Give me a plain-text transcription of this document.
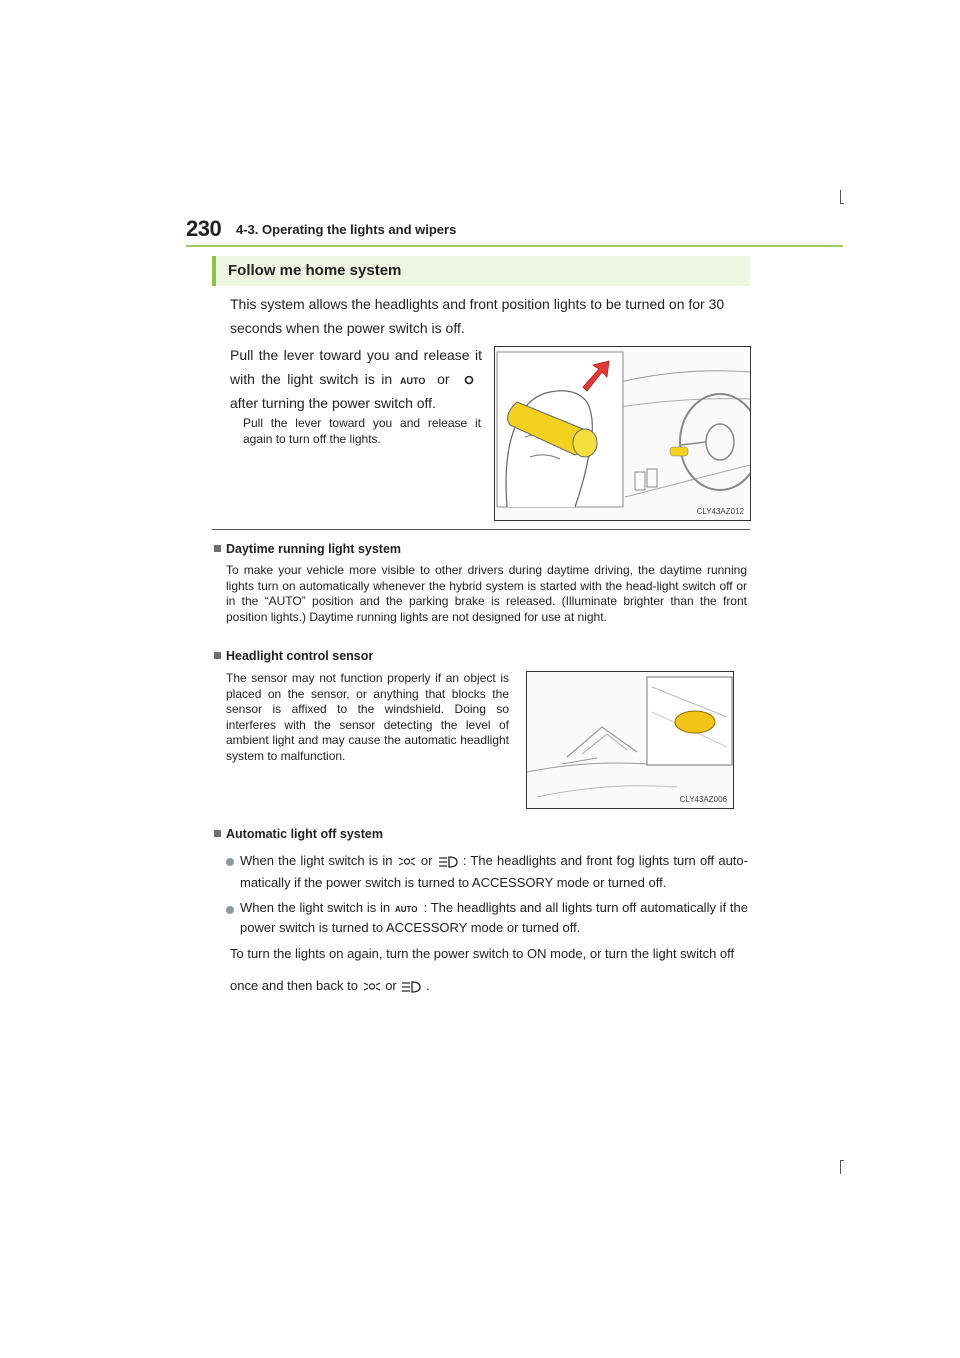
230 4-3. Operating the lights and wipers
Follow me home system
This system allows the headlights and front position lights to be turned on for 30 seconds when the power switch is off.
Pull the lever toward you and release it with the light switch is in AUTO or  after turning the power switch off.
Pull the lever toward you and release it again to turn off the lights.
CLY43AZ012
Daytime running light system
To make your vehicle more visible to other drivers during daytime driving, the daytime running lights turn on automatically whenever the hybrid system is started with the head-light switch off or in the “AUTO” position and the parking brake is released. (Illuminate brighter than the front position lights.) Daytime running lights are not designed for use at night.
Headlight control sensor
The sensor may not function properly if an object is placed on the sensor, or anything that blocks the sensor is affixed to the windshield. Doing so interferes with the sensor detecting the level of ambient light and may cause the automatic headlight system to malfunction.
CLY43AZ006
Automatic light off system
When the light switch is in or : The headlights and front fog lights turn off auto-matically if the power switch is turned to ACCESSORY mode or turned off.
When the light switch is in AUTO : The headlights and all lights turn off automatically if the power switch is turned to ACCESSORY mode or turned off.
To turn the lights on again, turn the power switch to ON mode, or turn the light switch off once and then back to or .
